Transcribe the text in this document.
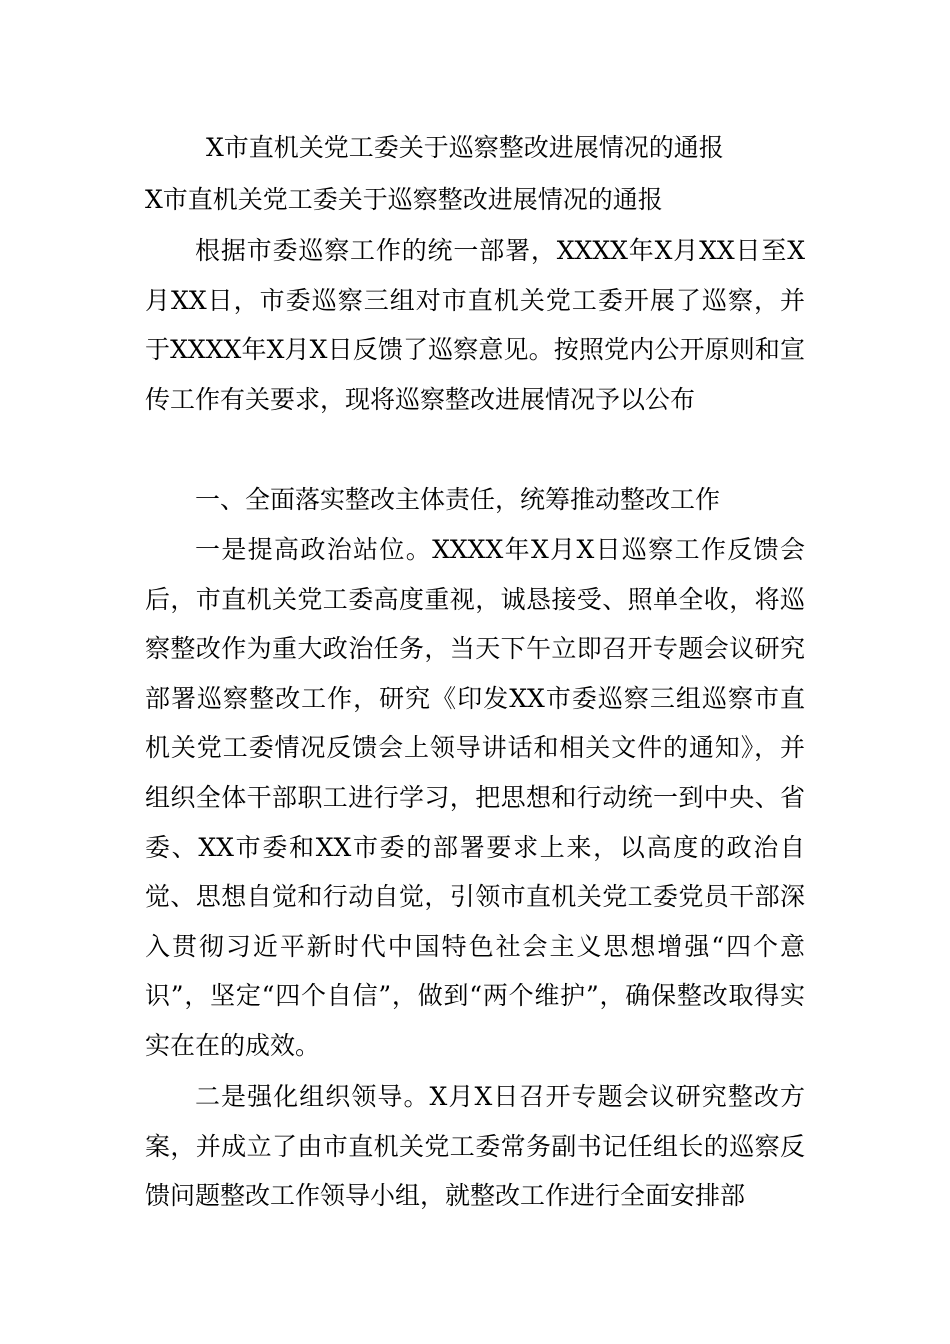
X市直机关党工委关于巡察整改进展情况的通报
X市直机关党工委关于巡察整改进展情况的通报

根据市委巡察工作的统一部署，XXXX年X月XX日至X月XX日，市委巡察三组对市直机关党工委开展了巡察，并于XXXX年X月X日反馈了巡察意见。按照党内公开原则和宣传工作有关要求，现将巡察整改进展情况予以公布

一、全面落实整改主体责任，统筹推动整改工作

一是提高政治站位。XXXX年X月X日巡察工作反馈会后，市直机关党工委高度重视，诚恳接受、照单全收，将巡察整改作为重大政治任务，当天下午立即召开专题会议研究部署巡察整改工作，研究《印发XX市委巡察三组巡察市直机关党工委情况反馈会上领导讲话和相关文件的通知》，并组织全体干部职工进行学习，把思想和行动统一到中央、省委、XX市委和XX市委的部署要求上来，以高度的政治自觉、思想自觉和行动自觉，引领市直机关党工委党员干部深入贯彻习近平新时代中国特色社会主义思想增强“四个意识”，坚定“四个自信”，做到“两个维护”，确保整改取得实实在在的成效。

二是强化组织领导。X月X日召开专题会议研究整改方案，并成立了由市直机关党工委常务副书记任组长的巡察反馈问题整改工作领导小组，就整改工作进行全面安排部
